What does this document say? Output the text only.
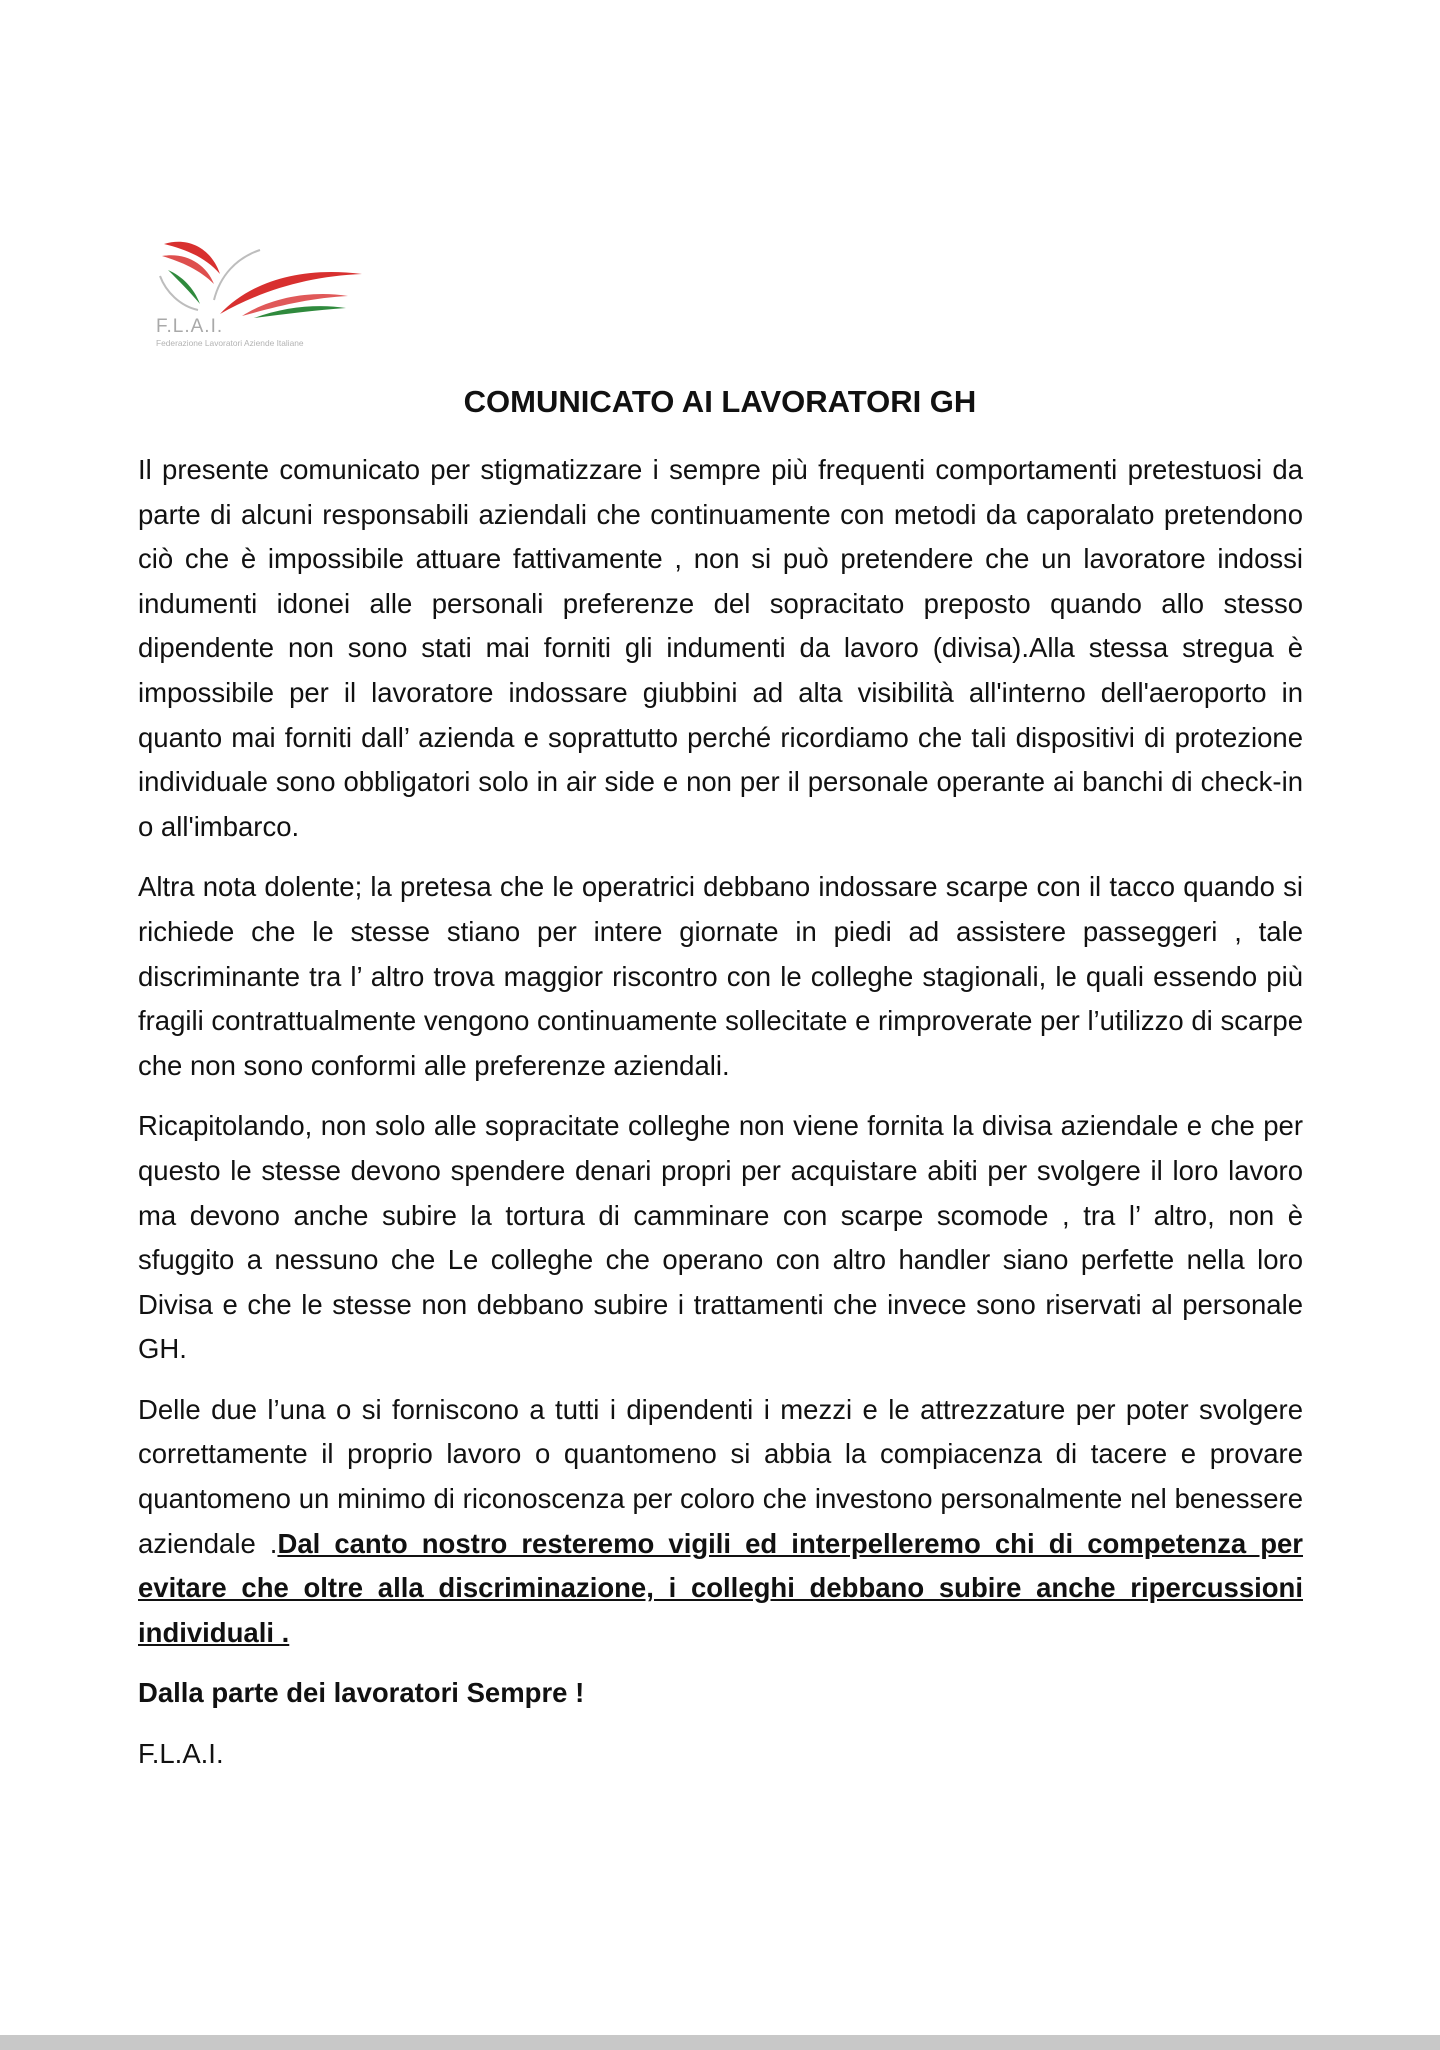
F.L.A.I.
Federazione Lavoratori Aziende Italiane
COMUNICATO AI LAVORATORI GH

Il presente comunicato per stigmatizzare i sempre più frequenti comportamenti pretestuosi da parte di alcuni responsabili aziendali che continuamente con metodi da caporalato pretendono ciò che è impossibile attuare fattivamente , non si può pretendere che un lavoratore indossi indumenti idonei alle personali preferenze del sopracitato preposto quando allo stesso dipendente non sono stati mai forniti gli indumenti da lavoro (divisa).Alla stessa stregua è impossibile per il lavoratore indossare giubbini ad alta visibilità all'interno dell'aeroporto in quanto mai forniti dall’ azienda e soprattutto perché ricordiamo che tali dispositivi di protezione individuale sono obbligatori solo in air side e non per il personale operante ai banchi di check-in o all'imbarco.

Altra nota dolente; la pretesa che le operatrici debbano indossare scarpe con il tacco quando si richiede che le stesse stiano per intere giornate in piedi ad assistere passeggeri , tale discriminante tra l’ altro trova maggior riscontro con le colleghe stagionali, le quali essendo più fragili contrattualmente vengono continuamente sollecitate e rimproverate per l’utilizzo di scarpe che non sono conformi alle preferenze aziendali.

Ricapitolando, non solo alle sopracitate colleghe non viene fornita la divisa aziendale e che per questo le stesse devono spendere denari propri per acquistare abiti per svolgere il loro lavoro ma devono anche subire la tortura di camminare con scarpe scomode , tra l’ altro, non è sfuggito a nessuno che Le colleghe che operano con altro handler siano perfette nella loro Divisa e che le stesse non debbano subire i trattamenti che invece sono riservati al personale GH.

Delle due l’una o si forniscono a tutti i dipendenti i mezzi e le attrezzature per poter svolgere correttamente il proprio lavoro o quantomeno si abbia la compiacenza di tacere e provare quantomeno un minimo di riconoscenza per coloro che investono personalmente nel benessere aziendale .Dal canto nostro resteremo vigili ed interpelleremo chi di competenza per evitare che oltre alla discriminazione, i colleghi debbano subire anche ripercussioni individuali .

Dalla parte dei lavoratori Sempre !

F.L.A.I.
